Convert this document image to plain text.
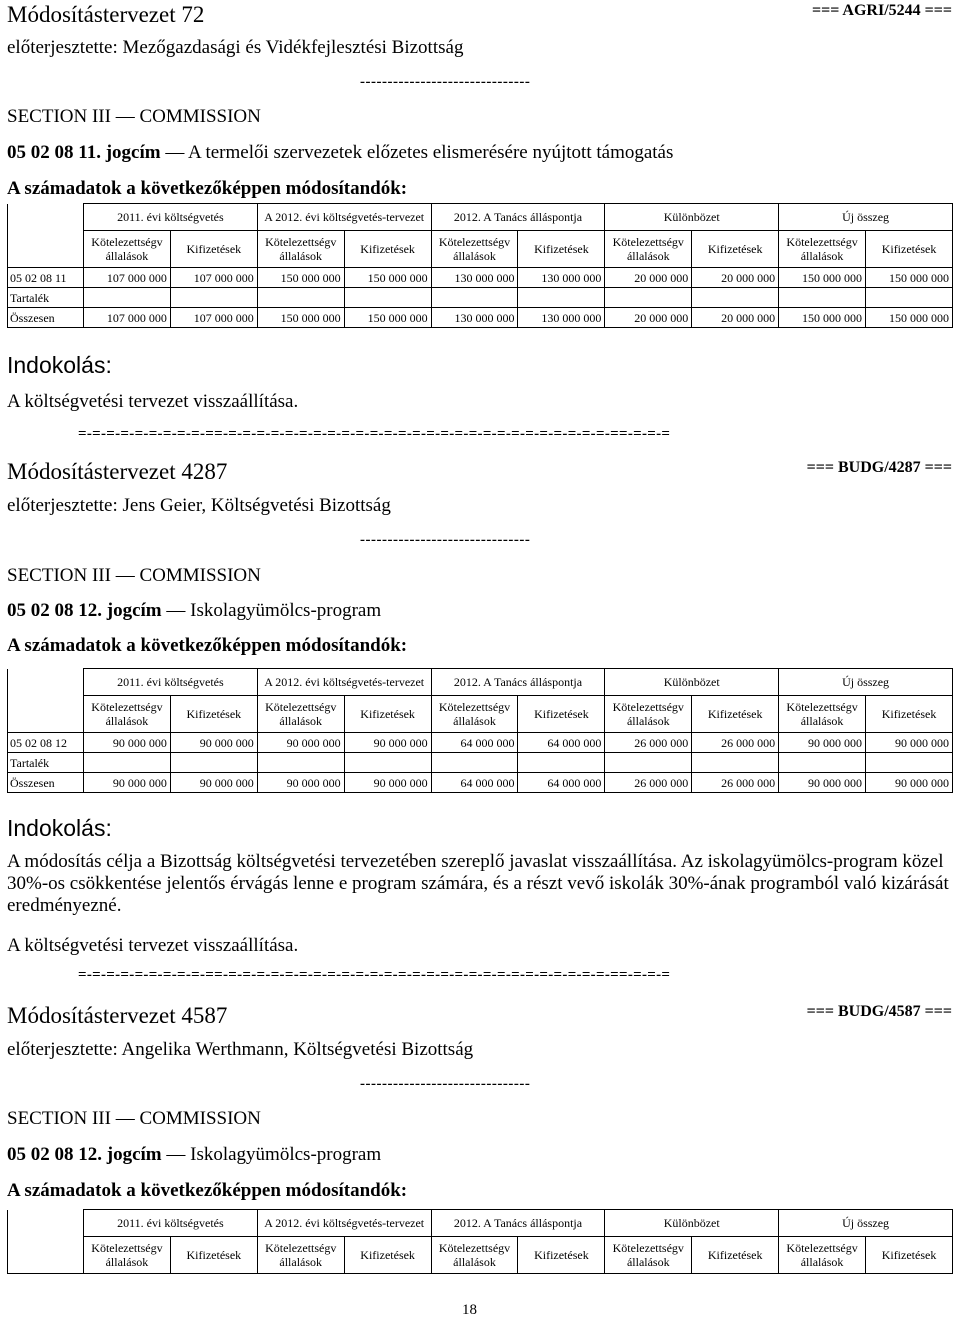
Módosítástervezet 72	=== AGRI/5244 ===
előterjesztette: Mezőgazdasági és Vidékfejlesztési Bizottság
-------------------------------
SECTION III — COMMISSION
05 02 08 11. jogcím — A termelői szervezetek előzetes elismerésére nyújtott támogatás
A számadatok a következőképpen módosítandók:
	2011. évi költségvetés		A 2012. évi költségvetés-tervezet		2012. A Tanács álláspontja		Különbözet		Új összeg	
	Kötelezettségv állalások	Kifizetések	Kötelezettségv állalások	Kifizetések	Kötelezettségv állalások	Kifizetések	Kötelezettségv állalások	Kifizetések	Kötelezettségv állalások	Kifizetések
05 02 08 11	107 000 000	107 000 000	150 000 000	150 000 000	130 000 000	130 000 000	20 000 000	20 000 000	150 000 000	150 000 000
Tartalék										
Összesen	107 000 000	107 000 000	150 000 000	150 000 000	130 000 000	130 000 000	20 000 000	20 000 000	150 000 000	150 000 000
Indokolás:
A költségvetési tervezet visszaállítása.
=-=-=-=-=-=-=-=-=-==-=-=-=-=-=-=-=-=-=-=-=-=-=-=-=-=-=-=-=-=-=-=-=-=-=-=-=-==-=-=-=
Módosítástervezet 4287	=== BUDG/4287 ===
előterjesztette: Jens Geier, Költségvetési Bizottság
-------------------------------
SECTION III — COMMISSION
05 02 08 12. jogcím — Iskolagyümölcs-program
A számadatok a következőképpen módosítandók:
	2011. évi költségvetés		A 2012. évi költségvetés-tervezet		2012. A Tanács álláspontja		Különbözet		Új összeg	
	Kötelezettségv állalások	Kifizetések	Kötelezettségv állalások	Kifizetések	Kötelezettségv állalások	Kifizetések	Kötelezettségv állalások	Kifizetések	Kötelezettségv állalások	Kifizetések
05 02 08 12	90 000 000	90 000 000	90 000 000	90 000 000	64 000 000	64 000 000	26 000 000	26 000 000	90 000 000	90 000 000
Tartalék										
Összesen	90 000 000	90 000 000	90 000 000	90 000 000	64 000 000	64 000 000	26 000 000	26 000 000	90 000 000	90 000 000
Indokolás:
A módosítás célja a Bizottság költségvetési tervezetében szereplő javaslat visszaállítása. Az iskolagyümölcs-program közel 30%-os csökkentése jelentős érvágás lenne e program számára, és a részt vevő iskolák 30%-ának programból való kizárását eredményezné.
A költségvetési tervezet visszaállítása.
=-=-=-=-=-=-=-=-=-==-=-=-=-=-=-=-=-=-=-=-=-=-=-=-=-=-=-=-=-=-=-=-=-=-=-=-=-==-=-=-=
Módosítástervezet 4587	=== BUDG/4587 ===
előterjesztette: Angelika Werthmann, Költségvetési Bizottság
-------------------------------
SECTION III — COMMISSION
05 02 08 12. jogcím — Iskolagyümölcs-program
A számadatok a következőképpen módosítandók:
	2011. évi költségvetés		A 2012. évi költségvetés-tervezet		2012. A Tanács álláspontja		Különbözet		Új összeg	
	Kötelezettségv állalások	Kifizetések	Kötelezettségv állalások	Kifizetések	Kötelezettségv állalások	Kifizetések	Kötelezettségv állalások	Kifizetések	Kötelezettségv állalások	Kifizetések
18
